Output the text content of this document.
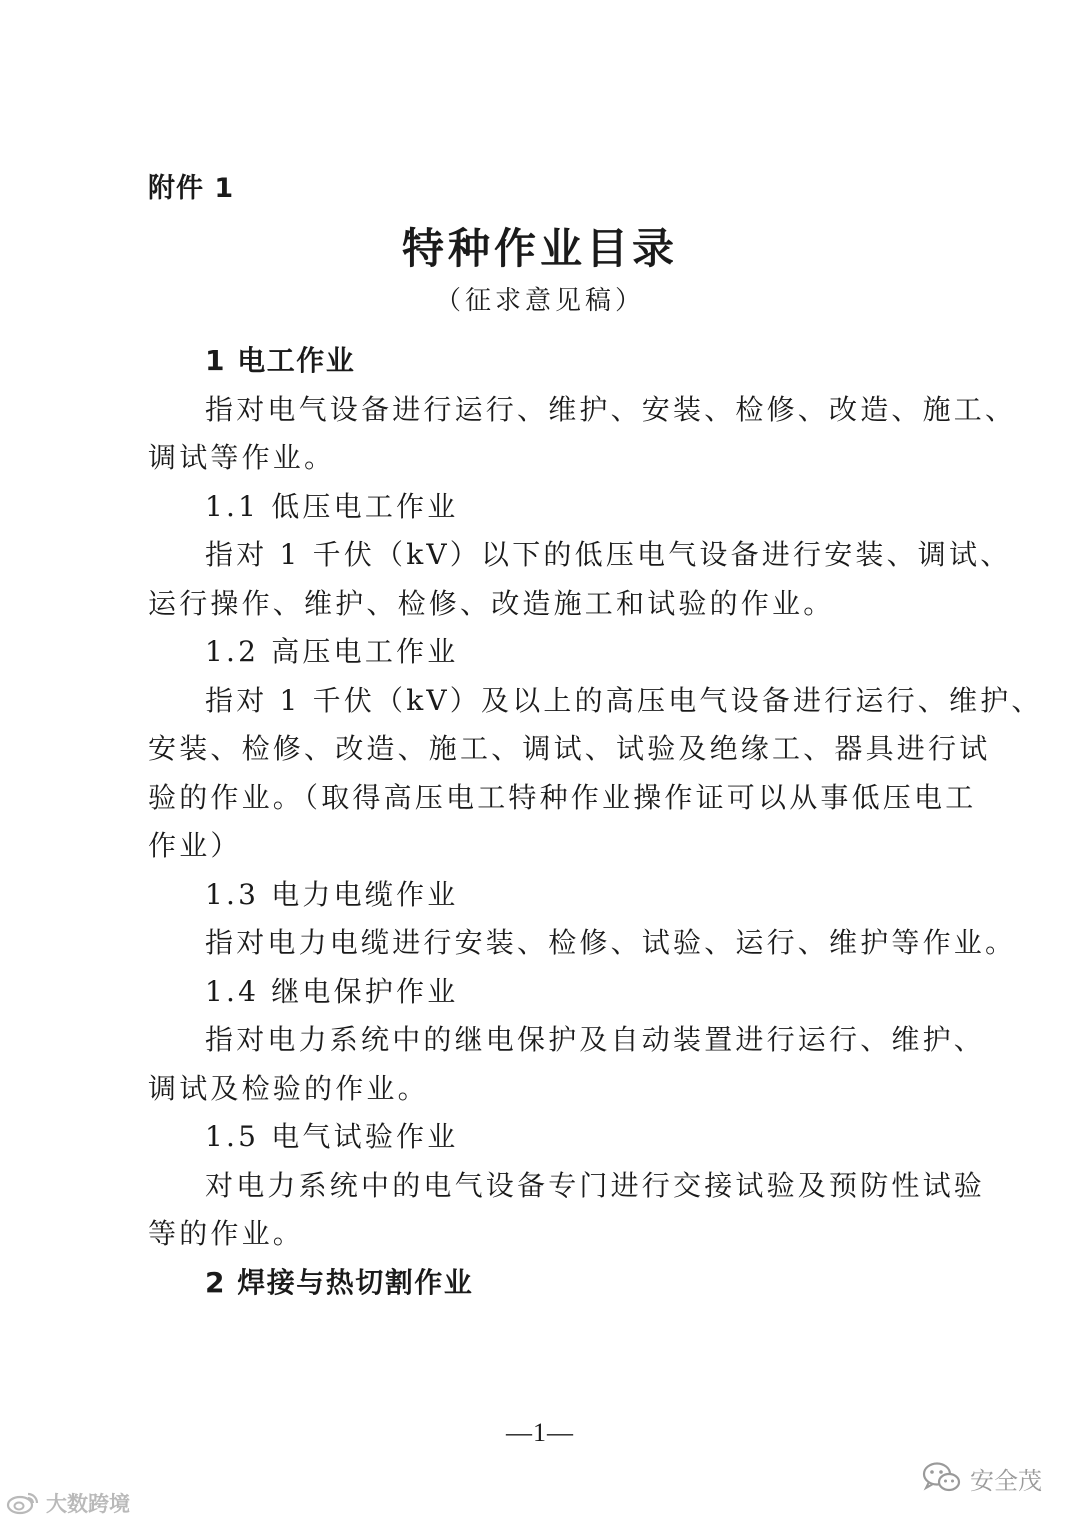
附件 1
特种作业目录
（征求意见稿）
1 电工作业
指对电气设备进行运行、维护、安装、检修、改造、施工、
调试等作业。
1.1 低压电工作业
指对 1 千伏（kV）以下的低压电气设备进行安装、调试、
运行操作、维护、检修、改造施工和试验的作业。
1.2 高压电工作业
指对 1 千伏（kV）及以上的高压电气设备进行运行、维护、
安装、检修、改造、施工、调试、试验及绝缘工、器具进行试
验的作业。（取得高压电工特种作业操作证可以从事低压电工
作业）
1.3 电力电缆作业
指对电力电缆进行安装、检修、试验、运行、维护等作业。
1.4 继电保护作业
指对电力系统中的继电保护及自动装置进行运行、维护、
调试及检验的作业。
1.5 电气试验作业
对电力系统中的电气设备专门进行交接试验及预防性试验
等的作业。
2 焊接与热切割作业
—1—
大数跨境
安全茂
